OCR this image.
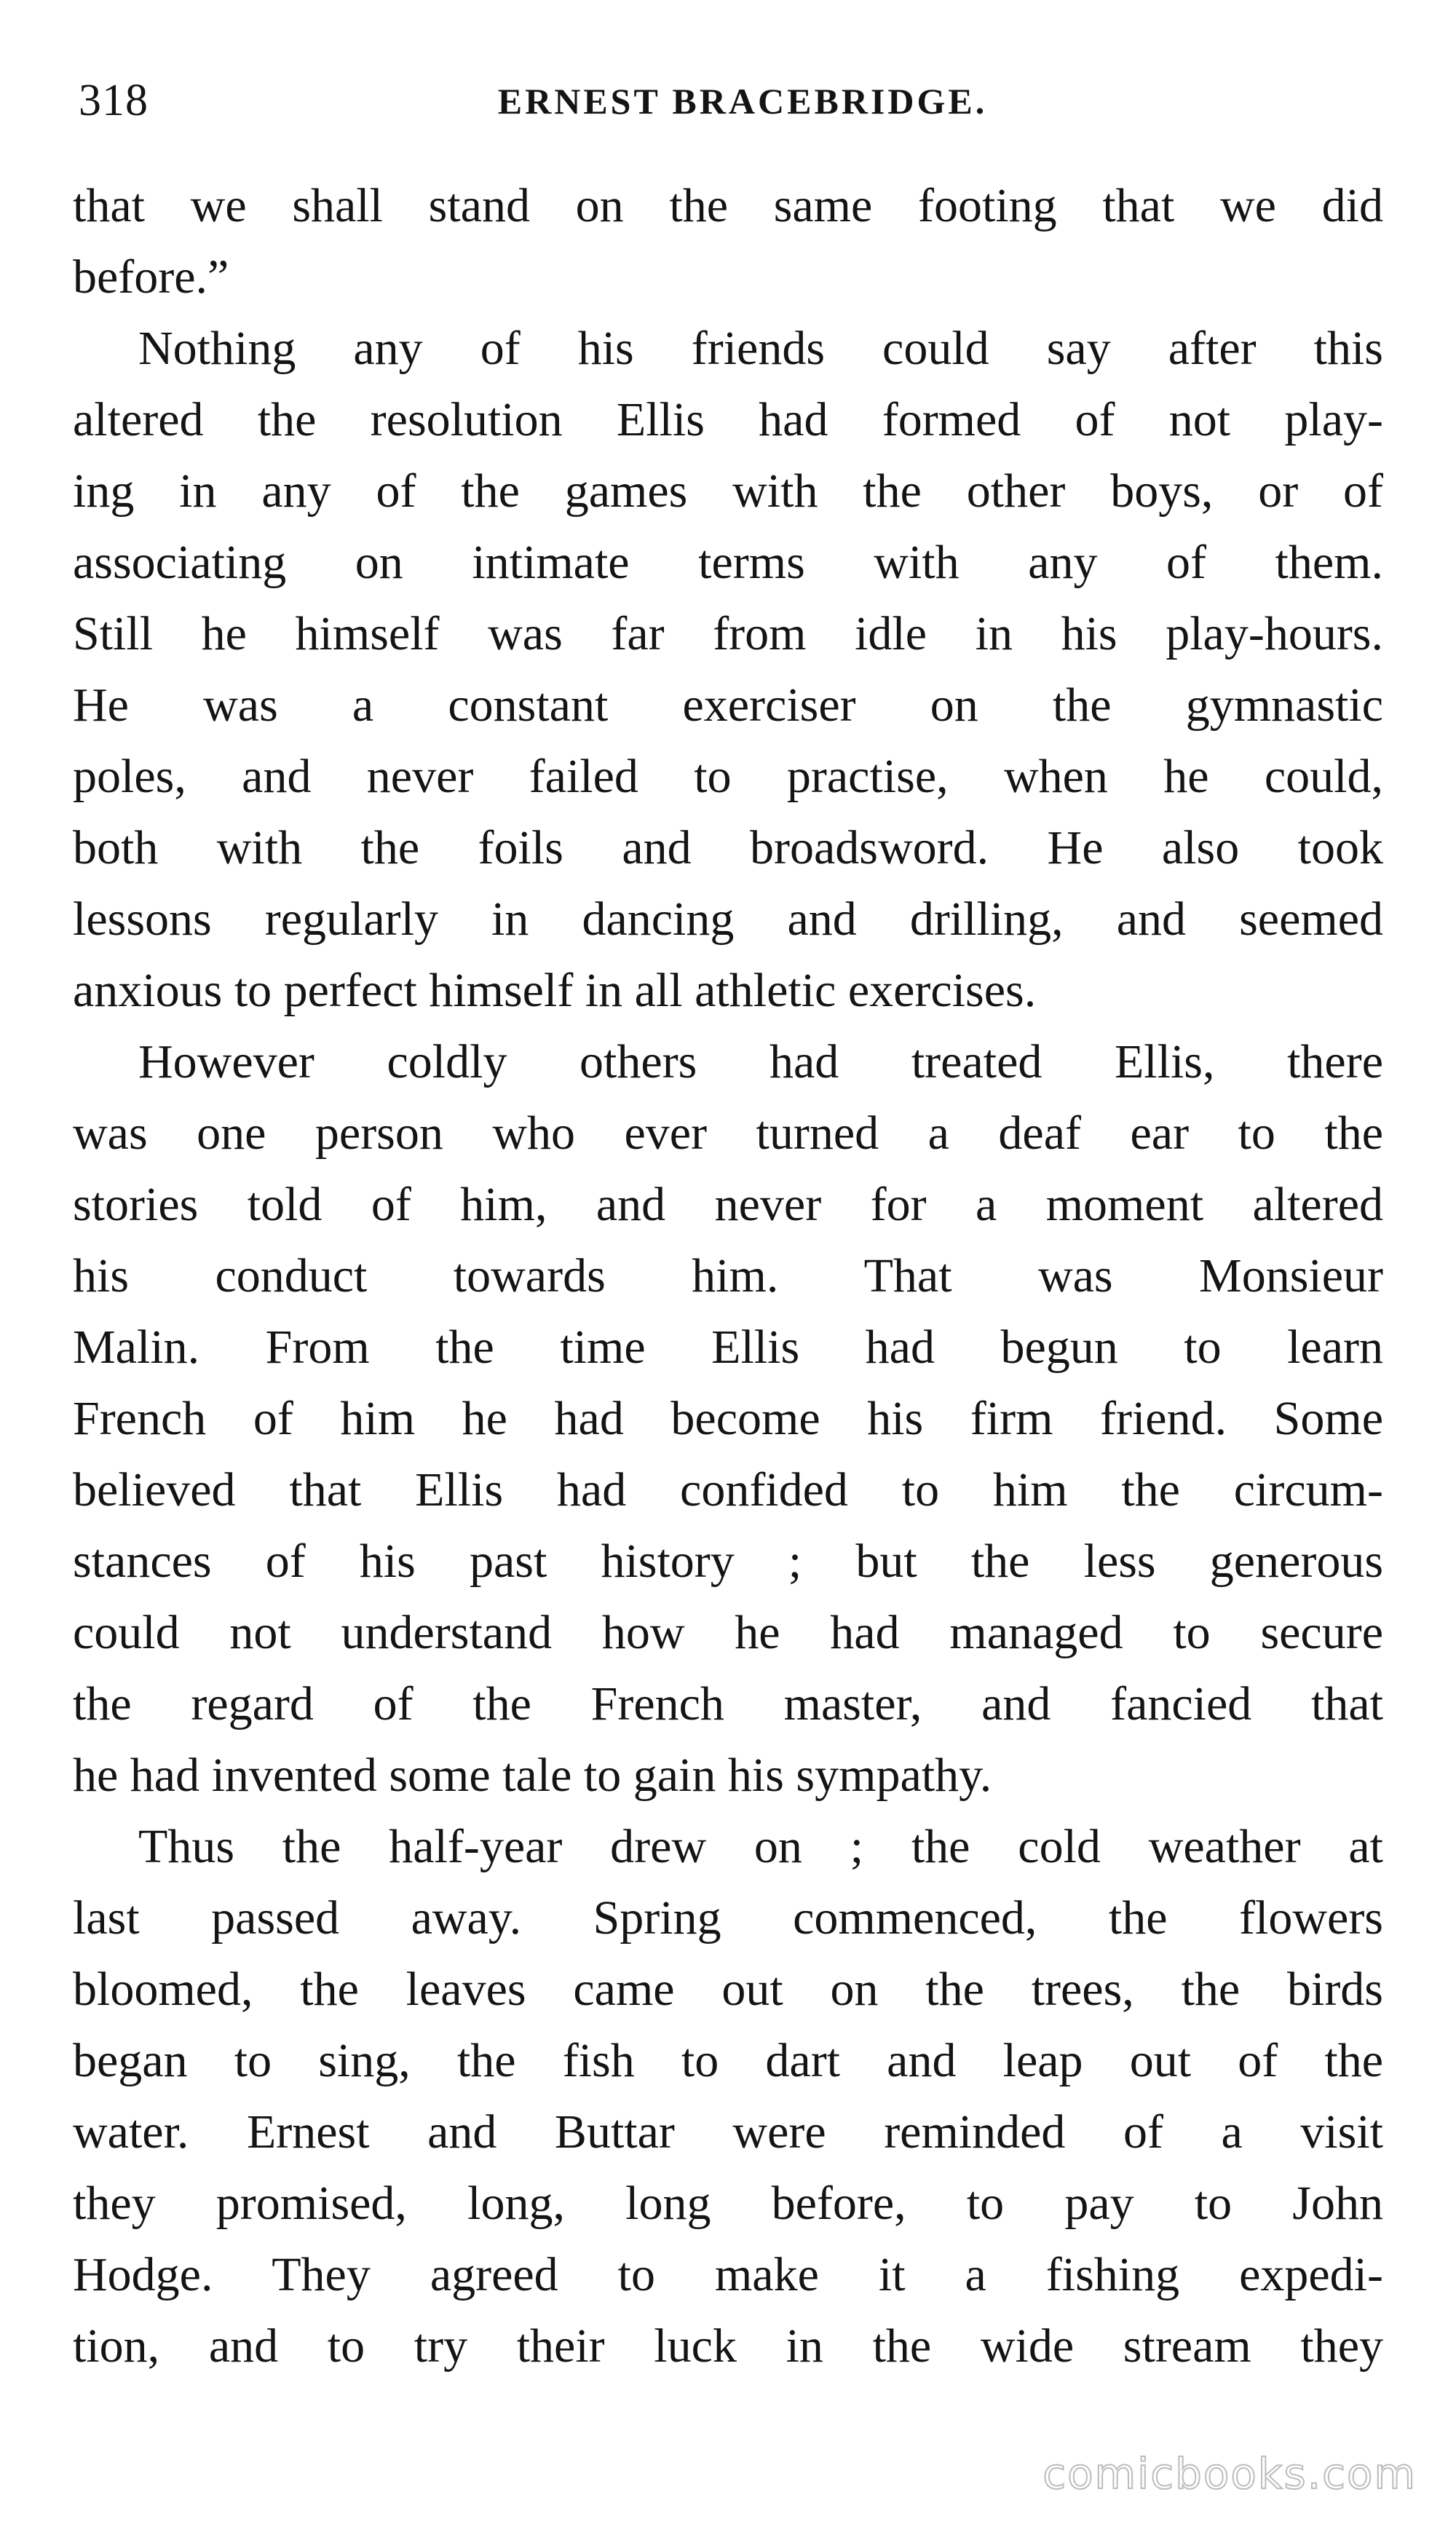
318	ERNEST BRACEBRIDGE.
that we shall stand on the same footing that we did
before.”
Nothing any of his friends could say after this
altered the resolution Ellis had formed of not play-
ing in any of the games with the other boys, or of
associating on intimate terms with any of them.
Still he himself was far from idle in his play-hours.
He was a constant exerciser on the gymnastic
poles, and never failed to practise, when he could,
both with the foils and broadsword. He also took
lessons regularly in dancing and drilling, and seemed
anxious to perfect himself in all athletic exercises.
However coldly others had treated Ellis, there
was one person who ever turned a deaf ear to the
stories told of him, and never for a moment altered
his conduct towards him. That was Monsieur
Malin. From the time Ellis had begun to learn
French of him he had become his firm friend. Some
believed that Ellis had confided to him the circum-
stances of his past history ; but the less generous
could not understand how he had managed to secure
the regard of the French master, and fancied that
he had invented some tale to gain his sympathy.
Thus the half-year drew on ; the cold weather at
last passed away. Spring commenced, the flowers
bloomed, the leaves came out on the trees, the birds
began to sing, the fish to dart and leap out of the
water. Ernest and Buttar were reminded of a visit
they promised, long, long before, to pay to John
Hodge. They agreed to make it a fishing expedi-
tion, and to try their luck in the wide stream they
comicbooks.com
